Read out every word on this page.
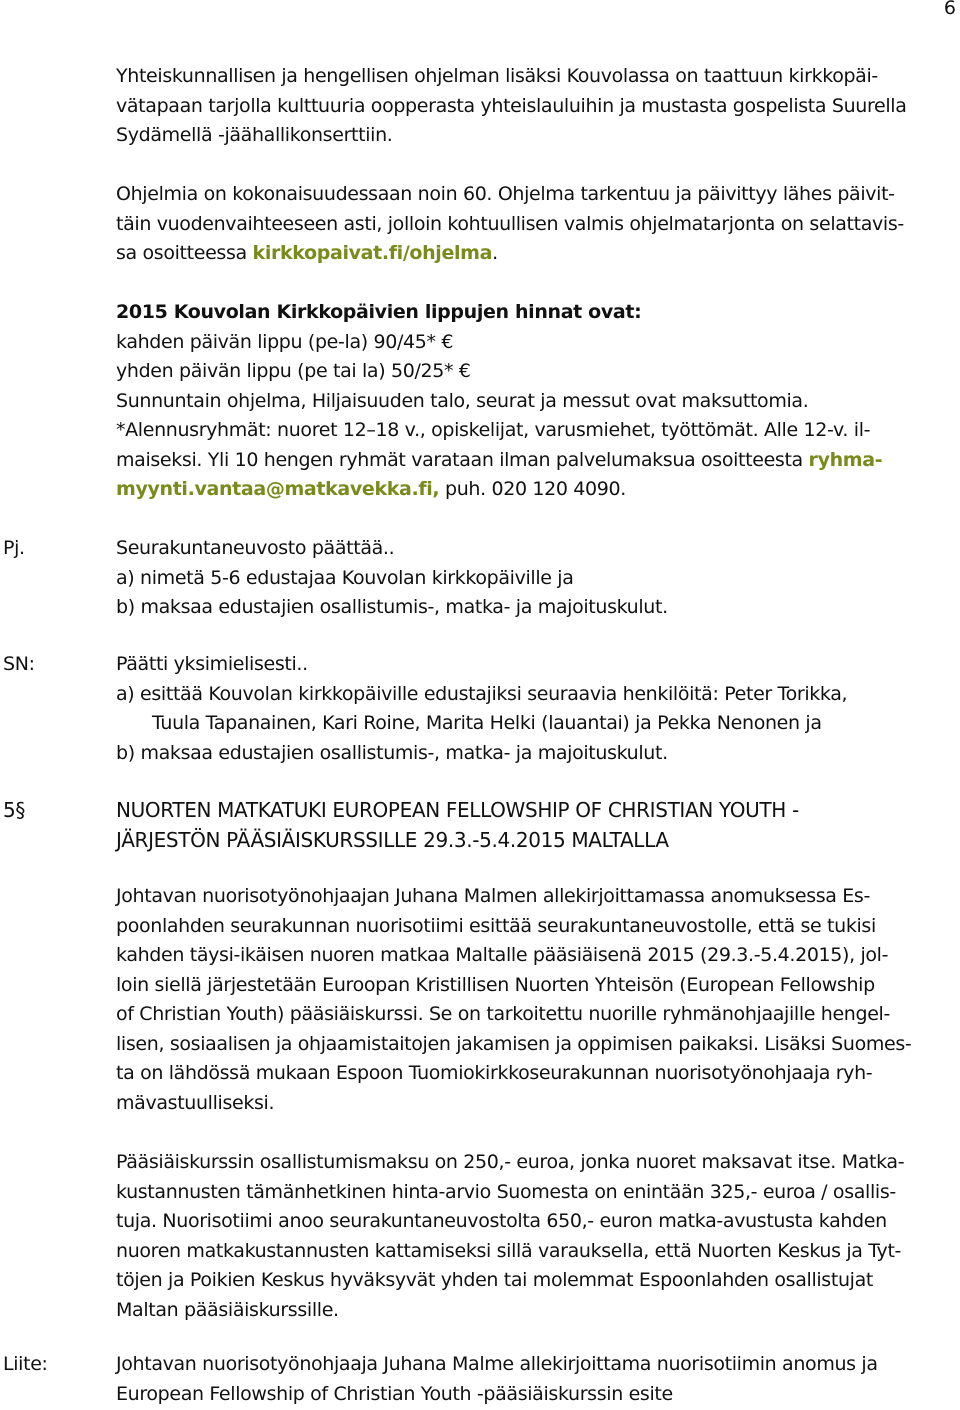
6
Yhteiskunnallisen ja hengellisen ohjelman lisäksi Kouvolassa on taattuun kirkkopäi-
vätapaan tarjolla kulttuuria oopperasta yhteislauluihin ja mustasta gospelista Suurella
Sydämellä -jäähallikonserttiin.
Ohjelmia on kokonaisuudessaan noin 60. Ohjelma tarkentuu ja päivittyy lähes päivit-
täin vuodenvaihteeseen asti, jolloin kohtuullisen valmis ohjelmatarjonta on selattavis-
sa osoitteessa kirkkopaivat.fi/ohjelma.
2015 Kouvolan Kirkkopäivien lippujen hinnat ovat:
kahden päivän lippu (pe-la) 90/45* €
yhden päivän lippu (pe tai la) 50/25* €
Sunnuntain ohjelma, Hiljaisuuden talo, seurat ja messut ovat maksuttomia.
*Alennusryhmät: nuoret 12–18 v., opiskelijat, varusmiehet, työttömät. Alle 12-v. il-
maiseksi. Yli 10 hengen ryhmät varataan ilman palvelumaksua osoitteesta ryhma-
myynti.vantaa@matkavekka.fi, puh. 020 120 4090.
Pj.	Seurakuntaneuvosto päättää..
a) nimetä 5-6 edustajaa Kouvolan kirkkopäiville ja
b) maksaa edustajien osallistumis-, matka- ja majoituskulut.
SN:	Päätti yksimielisesti..
a) esittää Kouvolan kirkkopäiville edustajiksi seuraavia henkilöitä: Peter Torikka,
Tuula Tapanainen, Kari Roine, Marita Helki (lauantai) ja Pekka Nenonen ja
b) maksaa edustajien osallistumis-, matka- ja majoituskulut.
5§	NUORTEN MATKATUKI EUROPEAN FELLOWSHIP OF CHRISTIAN YOUTH -
JÄRJESTÖN PÄÄSIÄISKURSSILLE 29.3.-5.4.2015 MALTALLA
Johtavan nuorisotyönohjaajan Juhana Malmen allekirjoittamassa anomuksessa Es-
poonlahden seurakunnan nuorisotiimi esittää seurakuntaneuvostolle, että se tukisi
kahden täysi-ikäisen nuoren matkaa Maltalle pääsiäisenä 2015 (29.3.-5.4.2015), jol-
loin siellä järjestetään Euroopan Kristillisen Nuorten Yhteisön (European Fellowship
of Christian Youth) pääsiäiskurssi. Se on tarkoitettu nuorille ryhmänohjaajille hengel-
lisen, sosiaalisen ja ohjaamistaitojen jakamisen ja oppimisen paikaksi. Lisäksi Suomes-
ta on lähdössä mukaan Espoon Tuomiokirkkoseurakunnan nuorisotyönohjaaja ryh-
mävastuulliseksi.
Pääsiäiskurssin osallistumismaksu on 250,- euroa, jonka nuoret maksavat itse. Matka-
kustannusten tämänhetkinen hinta-arvio Suomesta on enintään 325,- euroa / osallis-
tuja. Nuorisotiimi anoo seurakuntaneuvostolta 650,- euron matka-avustusta kahden
nuoren matkakustannusten kattamiseksi sillä varauksella, että Nuorten Keskus ja Tyt-
töjen ja Poikien Keskus hyväksyvät yhden tai molemmat Espoonlahden osallistujat
Maltan pääsiäiskurssille.
Liite:	Johtavan nuorisotyönohjaaja Juhana Malme allekirjoittama nuorisotiimin anomus ja
European Fellowship of Christian Youth -pääsiäiskurssin esite
